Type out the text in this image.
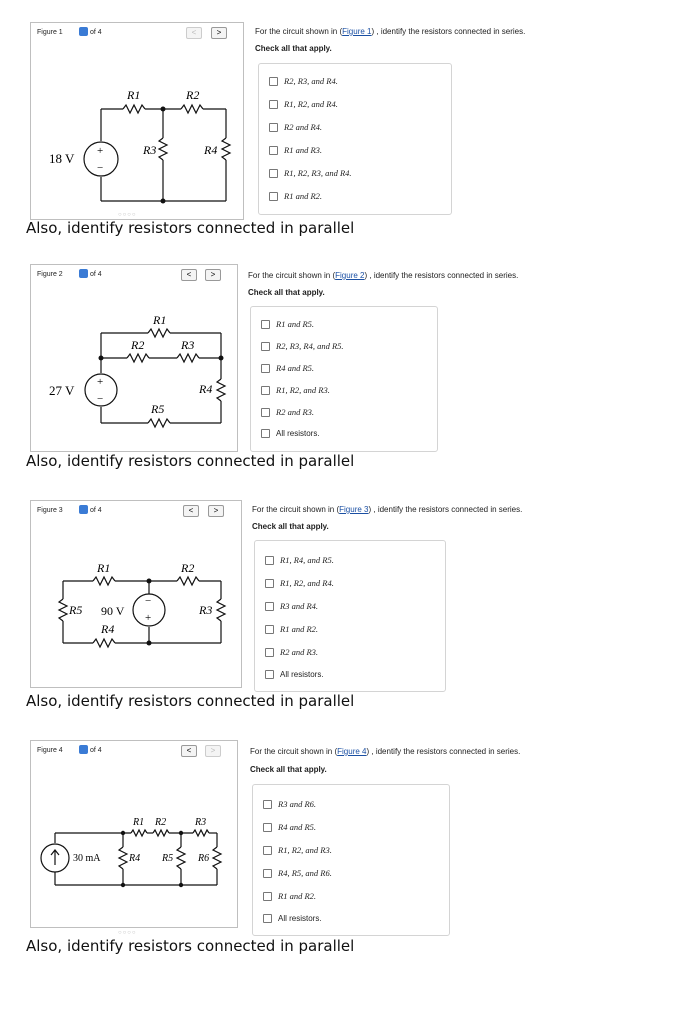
Figure 1	of 4	<	>
+
−
18 V
R1	R2
R3	R4
○○○○
For the circuit shown in (Figure 1) , identify the resistors connected in series.
Check all that apply.
R2, R3, and R4.
R1, R2, and R4.
R2 and R4.
R1 and R3.
R1, R2, R3, and R4.
R1 and R2.
Also, identify resistors connected in parallel
Figure 2	of 4	<	>
+
−
27 V
R1
R2	R3
R4
R5
For the circuit shown in (Figure 2) , identify the resistors connected in series.
Check all that apply.
R1 and R5.
R2, R3, R4, and R5.
R4 and R5.
R1, R2, and R3.
R2 and R3.
All resistors.
Also, identify resistors connected in parallel
Figure 3	of 4	<	>
−
+
90 V
R1	R2
R3
R4
R5
For the circuit shown in (Figure 3) , identify the resistors connected in series.
Check all that apply.
R1, R4, and R5.
R1, R2, and R4.
R3 and R4.
R1 and R2.
R2 and R3.
All resistors.
Also, identify resistors connected in parallel
Figure 4	of 4	<	>
30 mA
R1 R2	R3
R4 R5 R6
○○○○
For the circuit shown in (Figure 4) , identify the resistors connected in series.
Check all that apply.
R3 and R6.
R4 and R5.
R1, R2, and R3.
R4, R5, and R6.
R1 and R2.
All resistors.
Also, identify resistors connected in parallel
